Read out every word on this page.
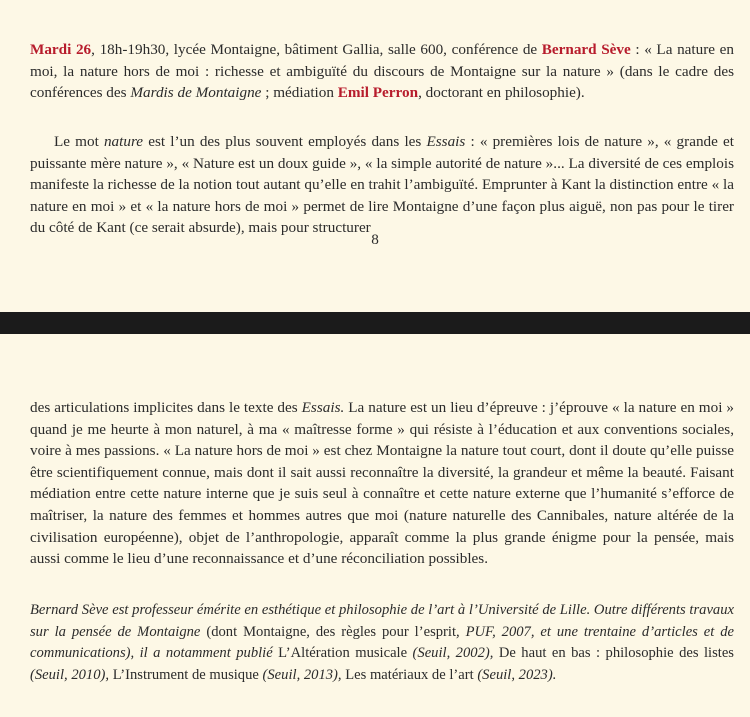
Mardi 26, 18h-19h30, lycée Montaigne, bâtiment Gallia, salle 600, conférence de Bernard Sève : « La nature en moi, la nature hors de moi : richesse et ambiguïté du discours de Montaigne sur la nature » (dans le cadre des conférences des Mardis de Montaigne ; médiation Emil Perron, doctorant en philosophie).

Le mot nature est l’un des plus souvent employés dans les Essais : « premières lois de nature », « grande et puissante mère nature », « Nature est un doux guide », « la simple autorité de nature »... La diversité de ces emplois manifeste la richesse de la notion tout autant qu’elle en trahit l’ambiguïté. Emprunter à Kant la distinction entre « la nature en moi » et « la nature hors de moi » permet de lire Montaigne d’une façon plus aiguë, non pas pour le tirer du côté de Kant (ce serait absurde), mais pour structurer

8

des articulations implicites dans le texte des Essais. La nature est un lieu d’épreuve : j’éprouve « la nature en moi » quand je me heurte à mon naturel, à ma « maîtresse forme » qui résiste à l’éducation et aux conventions sociales, voire à mes passions. « La nature hors de moi » est chez Montaigne la nature tout court, dont il doute qu’elle puisse être scientifiquement connue, mais dont il sait aussi reconnaître la diversité, la grandeur et même la beauté. Faisant médiation entre cette nature interne que je suis seul à connaître et cette nature externe que l’humanité s’efforce de maîtriser, la nature des femmes et hommes autres que moi (nature naturelle des Cannibales, nature altérée de la civilisation européenne), objet de l’anthropologie, apparaît comme la plus grande énigme pour la pensée, mais aussi comme le lieu d’une reconnaissance et d’une réconciliation possibles.

Bernard Sève est professeur émérite en esthétique et philosophie de l’art à l’Université de Lille. Outre différents travaux sur la pensée de Montaigne (dont Montaigne, des règles pour l’esprit, PUF, 2007, et une trentaine d’articles et de communications), il a notamment publié L’Altération musicale (Seuil, 2002), De haut en bas : philosophie des listes (Seuil, 2010), L’Instrument de musique (Seuil, 2013), Les matériaux de l’art (Seuil, 2023).
